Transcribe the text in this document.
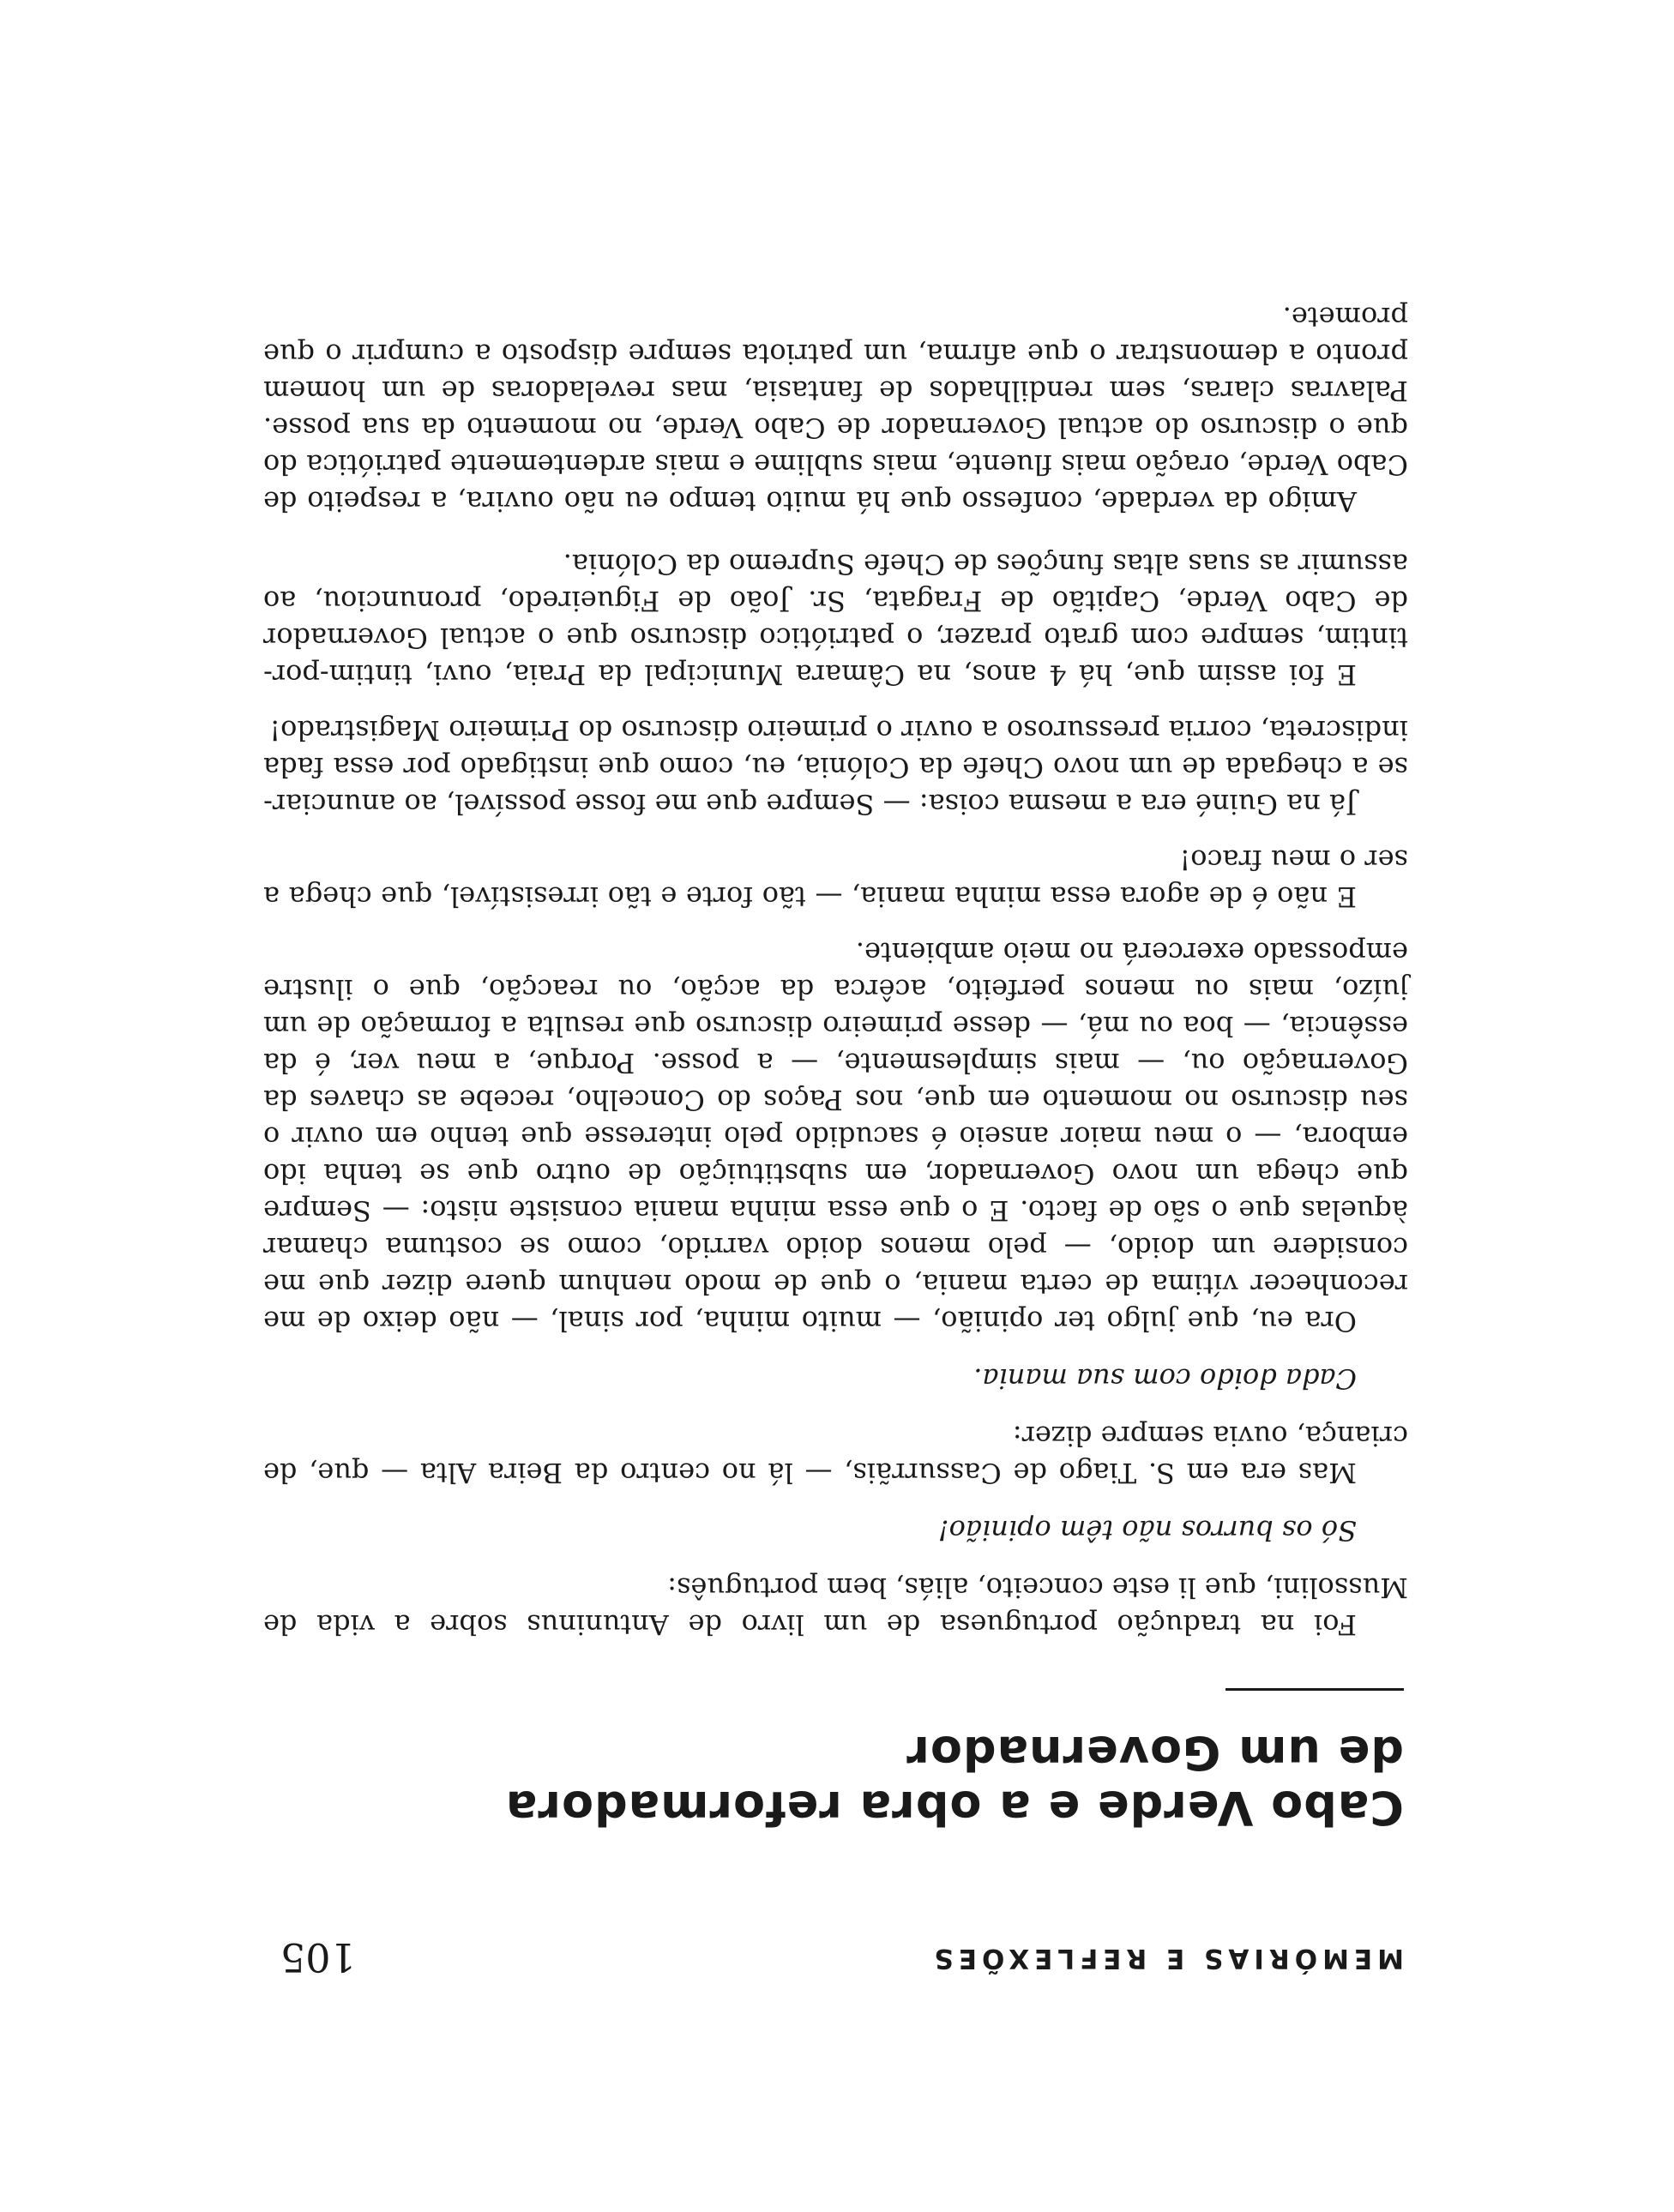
MEMÓRIAS E REFLEXÕES
105
Cabo Verde e a obra reformadora
de um Governador

Foi na tradução portuguesa de um livro de Antuninus sobre a vida de Mussolini, que li este conceito, aliás, bem português:

Só os burros não têm opinião!

Mas era em S. Tiago de Cassurrãis, — lá no centro da Beira Alta — que, de criança, ouvia sempre dizer:

Cada doido com sua mania.

Ora eu, que julgo ter opinião, — muito minha, por sinal, — não deixo de me reconhecer vítima de certa mania, o que de modo nenhum quere dizer que me considere um doido, — pelo menos doido varrido, como se costuma chamar àquelas que o são de facto. E o que essa minha mania consiste nisto: — Sempre que chega um novo Governador, em substituição de outro que se tenha ido embora, — o meu maior anseio é sacudido pelo interesse que tenho em ouvir o seu discurso no momento em que, nos Paços do Concelho, recebe as chaves da Governação ou, — mais simplesmente, — a posse. Porque, a meu ver, é da essência, — boa ou má, — desse primeiro discurso que resulta a formação de um juízo, mais ou menos perfeito, acêrca da acção, ou reacção, que o ilustre empossado exercerá no meio ambiente.

E não é de agora essa minha mania, — tão forte e tão irresistível, que chega a ser o meu fraco!

Já na Guiné era a mesma coisa: — Sempre que me fosse possível, ao anunciar-se a chegada de um novo Chefe da Colónia, eu, como que instigado por essa fada indiscreta, corria pressuroso a ouvir o primeiro discurso do Primeiro Magistrado!

E foi assim que, há 4 anos, na Câmara Municipal da Praia, ouvi, tintim-por-tintim, sempre com grato prazer, o patriótico discurso que o actual Governador de Cabo Verde, Capitão de Fragata, Sr. João de Figueiredo, pronunciou, ao assumir as suas altas funções de Chefe Supremo da Colónia.

Amigo da verdade, confesso que há muito tempo eu não ouvira, a respeito de Cabo Verde, oração mais fluente, mais sublime e mais ardentemente patriótica do que o discurso do actual Governador de Cabo Verde, no momento da sua posse. Palavras claras, sem rendilhados de fantasia, mas reveladoras de um homem pronto a demonstrar o que afirma, um patriota sempre disposto a cumprir o que promete.
